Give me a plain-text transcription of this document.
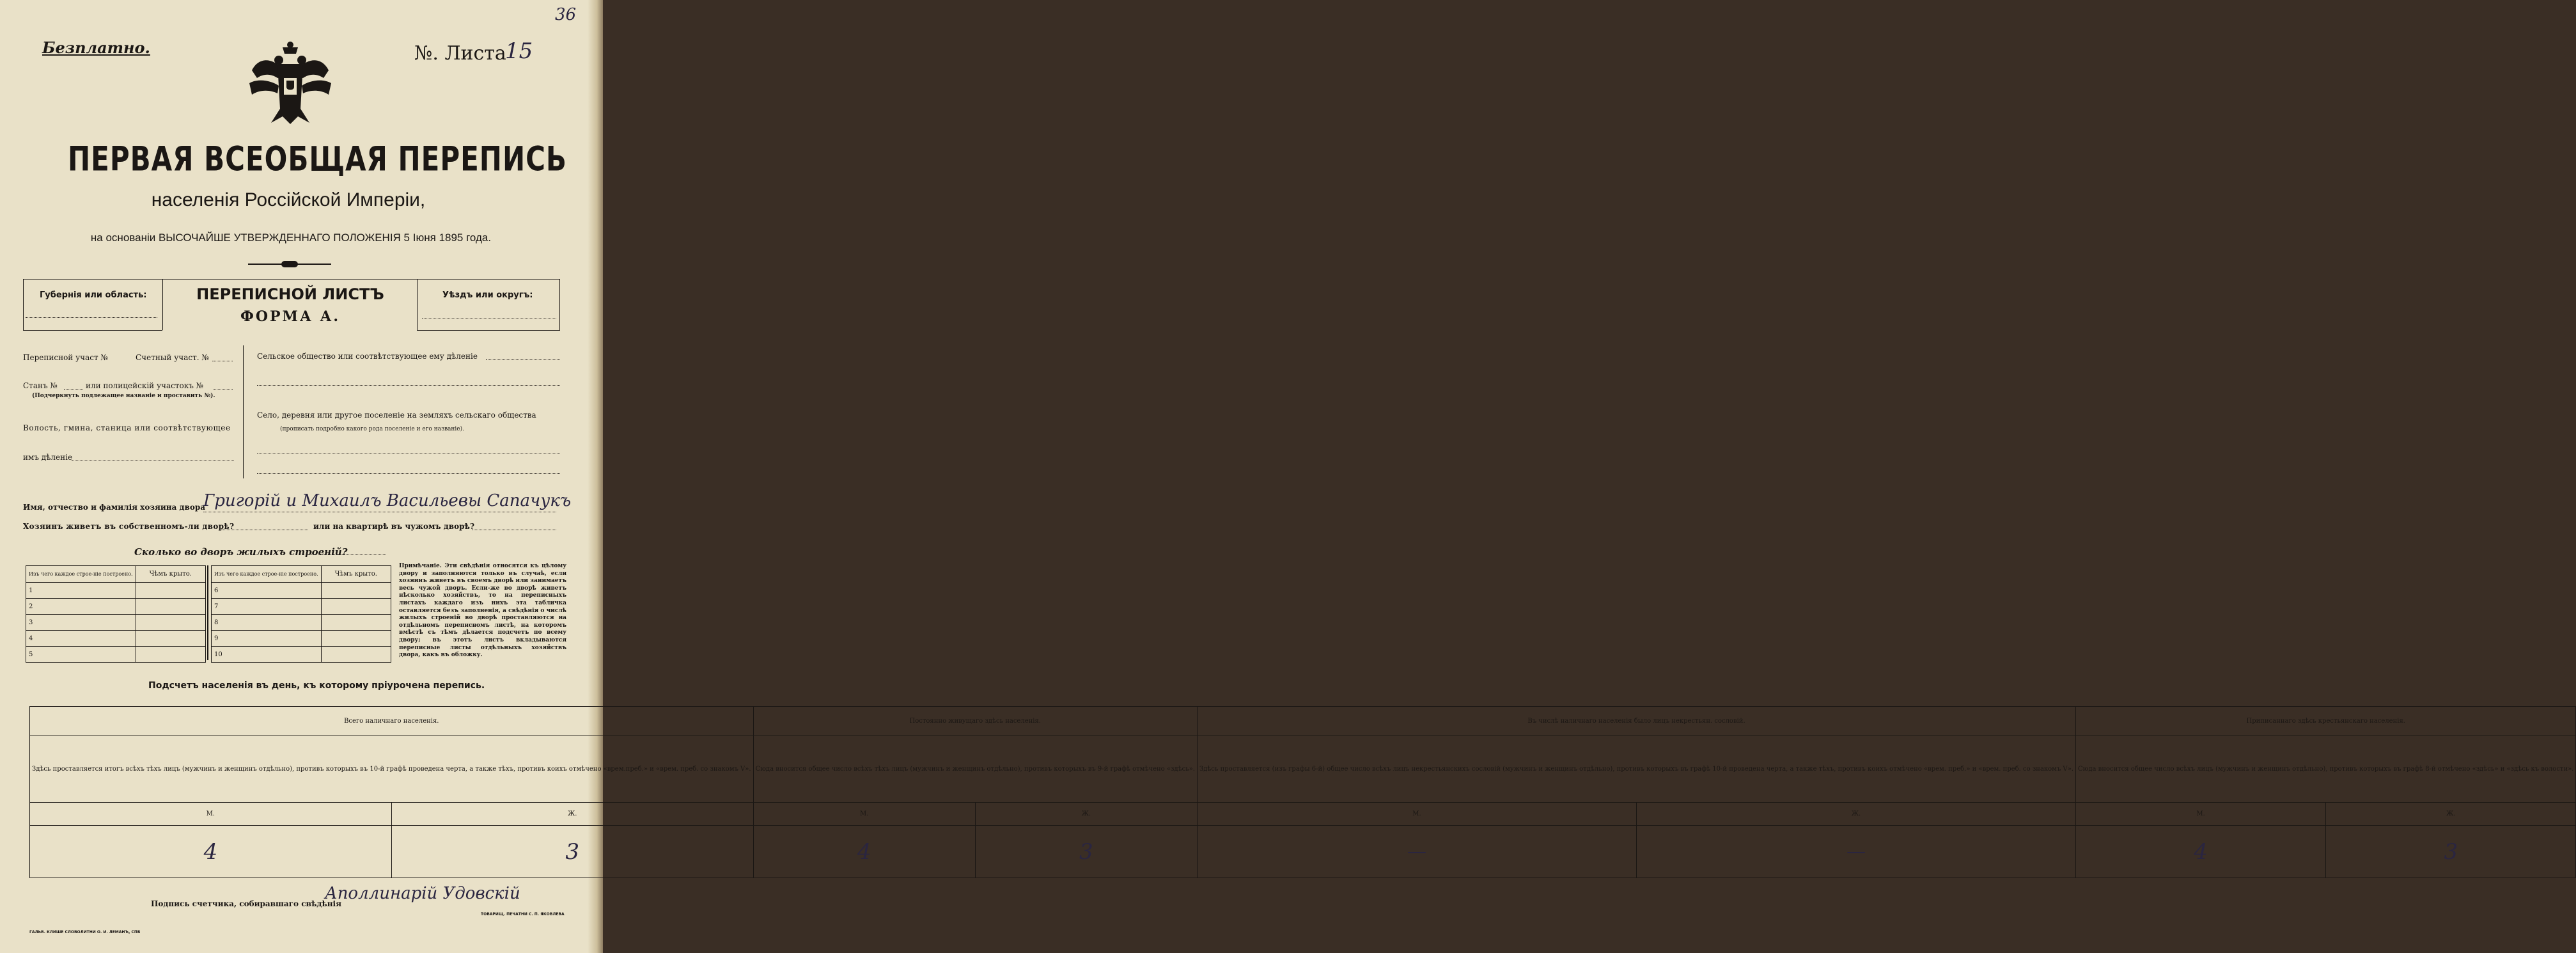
36
Безплатно.	№. Листа
15
ПЕРВАЯ ВСЕОБЩАЯ ПЕРЕПИСЬ
населенія Россійской Имперіи,
на основаніи ВЫСОЧАЙШЕ УТВЕРЖДЕННАГО ПОЛОЖЕНІЯ 5 Іюня 1895 года.
Губернія или область:	ПЕРЕПИСНОЙ ЛИСТЪ
ФОРМА А.
Уѣздъ или округъ:
Переписной участ №	Счетный участ. №
Станъ №	или полицейскій участокъ №
(Подчеркнуть подлежащее названіе и проставить №).
Волость, гмина, станица или соотвѣтствующее
имъ дѣленіе
Сельское общество или соотвѣтствующее ему дѣленіе
Село, деревня или другое поселеніе на земляхъ сельскаго общества
(прописать подробно какого рода поселеніе и его названіе).
Имя, отчество и фамилія хозяина двора
Григорій и Михаилъ Васильевы Сапачукъ
Хозяинъ живетъ въ собственномъ-ли дворѣ?	или на квартирѣ въ чужомъ дворѣ?
Сколько во дворъ жилыхъ строеній?
Изъ чего каждое строе-ніе построено.	Чѣмъ крыто.
1	
2	
3	
4	
5	
Изъ чего каждое строе-ніе построено.	Чѣмъ крыто.
6	
7	
8	
9	
10	
Примѣчаніе. Эти свѣдѣнія относятся къ цѣлому двору и заполняются только въ случаѣ, если хозяинъ живетъ въ своемъ дворѣ или занимаетъ весь чужой дворъ. Если-же во дворѣ живетъ нѣсколько хозяйствъ, то на переписныхъ листахъ каждаго изъ нихъ эта табличка оставляется безъ заполненія, а свѣдѣнія о числѣ жилыхъ строеній во дворѣ проставляются на отдѣльномъ переписномъ листѣ, на которомъ вмѣстѣ съ тѣмъ дѣлается подсчетъ по всему двору; въ этотъ листъ вкладываются переписные листы отдѣльныхъ хозяйствъ двора, какъ въ обложку.
Подсчетъ населенія въ день, къ которому пріурочена перепись.
Всего наличнаго населенія.		Постоянно живущаго здѣсь населенія.		Въ числѣ наличнаго населенія было лицъ некрестьян. сословій.		Приписаннаго здѣсь крестьянскаго населенія.	
Здѣсь проставляется итогъ всѣхъ тѣхъ лицъ (мужчинъ и женщинъ отдѣльно), противъ которыхъ въ 10-й графѣ проведена черта, а также тѣхъ, противъ коихъ отмѣчено «врем.преб.» и «врем. преб. со знакомъ V».		Сюда вносится общее число всѣхъ тѣхъ лицъ (мужчинъ и женщинъ отдѣльно), противъ которыхъ въ 9-й графѣ отмѣчено «здѣсь».		Здѣсь проставляется (изъ графы 6-й) общее число всѣхъ лицъ некрестьянскихъ сословій (мужчинъ и женщинъ отдѣльно), противъ которыхъ въ графѣ 10-й проведена черта, а также тѣхъ, противъ коихъ отмѣчено «врем. преб.» и «врем. преб. со знакомъ V».		Сюда вносится общее число всѣхъ лицъ (мужчинъ и женщинъ отдѣльно), противъ которыхъ въ графѣ 8-й отмѣчено «здѣсь» и «здѣсь къ волости».	
М.	Ж.	М.	Ж.	М.	Ж.	М.	Ж.
4	3	4	3	—	—	4	3
Подпись счетчика, собиравшаго свѣдѣнія
Аполлинарій Удовскій
ГАЛЬВ. КЛИШЕ СЛОВОЛИТНИ О. И. ЛЕМАНЪ, СПБ
ТОВАРИЩ. ПЕЧАТНИ С. П. ЯКОВЛЕВА
